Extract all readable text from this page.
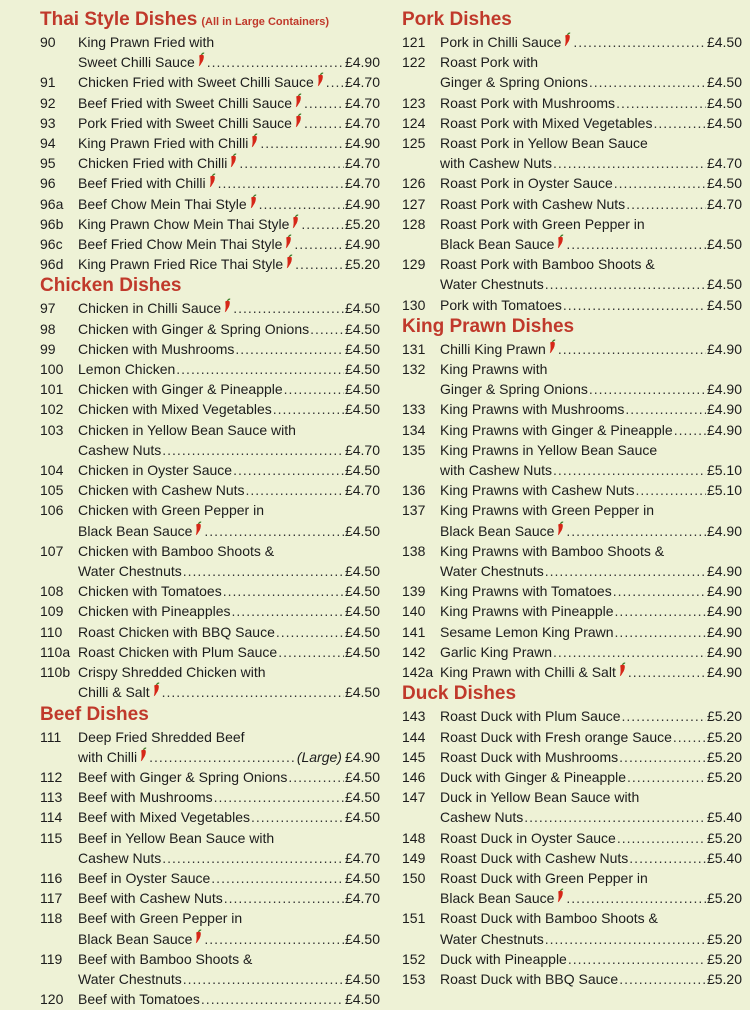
Thai Style Dishes (All in Large Containers)
90	King Prawn Fried with
Sweet Chilli Sauce .....	£4.90
91	Chicken Fried with Sweet Chilli Sauce ..... £4.70
92	Beef Fried with Sweet Chilli Sauce .....	£4.70
93	Pork Fried with Sweet Chilli Sauce .....	£4.70
94	King Prawn Fried with Chilli .....	£4.90
95	Chicken Fried with Chilli .....	£4.70
96	Beef Fried with Chilli .....	£4.70
96a	Beef Chow Mein Thai Style .....	£4.90
96b	King Prawn Chow Mein Thai Style .....	£5.20
96c	Beef Fried Chow Mein Thai Style .....	£4.90
96d	King Prawn Fried Rice Thai Style .....	£5.20
Chicken Dishes
97	Chicken in Chilli Sauce .....	£4.50
98	Chicken with Ginger & Spring Onions .....	£4.50
99	Chicken with Mushrooms .....	£4.50
100	Lemon Chicken .....	£4.50
101	Chicken with Ginger & Pineapple .....	£4.50
102	Chicken with Mixed Vegetables .....	£4.50
103	Chicken in Yellow Bean Sauce with
Cashew Nuts .....	£4.70
104	Chicken in Oyster Sauce .....	£4.50
105	Chicken with Cashew Nuts .....	£4.70
106	Chicken with Green Pepper in
Black Bean Sauce .....	£4.50
107	Chicken with Bamboo Shoots &
Water Chestnuts .....	£4.50
108	Chicken with Tomatoes .....	£4.50
109	Chicken with Pineapples .....	£4.50
110	Roast Chicken with BBQ Sauce .....	£4.50
110a Roast Chicken with Plum Sauce .....	£4.50
110b Crispy Shredded Chicken with
Chilli & Salt .....	£4.50
Beef Dishes
111	Deep Fried Shredded Beef
with Chilli .....	(Large) £4.90
112	Beef with Ginger & Spring Onions .....	£4.50
113	Beef with Mushrooms .....	£4.50
114	Beef with Mixed Vegetables .....	£4.50
115	Beef in Yellow Bean Sauce with
Cashew Nuts .....	£4.70
116	Beef in Oyster Sauce .....	£4.50
117	Beef with Cashew Nuts .....	£4.70
118	Beef with Green Pepper in
Black Bean Sauce .....	£4.50
119	Beef with Bamboo Shoots &
Water Chestnuts .....	£4.50
120	Beef with Tomatoes .....	£4.50
Pork Dishes
121	Pork in Chilli Sauce .....	£4.50
122	Roast Pork with
Ginger & Spring Onions .....	£4.50
123	Roast Pork with Mushrooms .....	£4.50
124	Roast Pork with Mixed Vegetables .....	£4.50
125	Roast Pork in Yellow Bean Sauce
with Cashew Nuts .....	£4.70
126	Roast Pork in Oyster Sauce .....	£4.50
127	Roast Pork with Cashew Nuts .....	£4.70
128	Roast Pork with Green Pepper in
Black Bean Sauce .....	£4.50
129	Roast Pork with Bamboo Shoots &
Water Chestnuts .....	£4.50
130	Pork with Tomatoes .....	£4.50
King Prawn Dishes
131	Chilli King Prawn .....	£4.90
132	King Prawns with
Ginger & Spring Onions .....	£4.90
133	King Prawns with Mushrooms .....	£4.90
134	King Prawns with Ginger & Pineapple ..... £4.90
135	King Prawns in Yellow Bean Sauce
with Cashew Nuts .....	£5.10
136	King Prawns with Cashew Nuts .....	£5.10
137	King Prawns with Green Pepper in
Black Bean Sauce .....	£4.90
138	King Prawns with Bamboo Shoots &
Water Chestnuts .....	£4.90
139	King Prawns with Tomatoes .....	£4.90
140	King Prawns with Pineapple .....	£4.90
141	Sesame Lemon King Prawn .....	£4.90
142	Garlic King Prawn .....	£4.90
142a King Prawn with Chilli & Salt .....	£4.90
Duck Dishes
143	Roast Duck with Plum Sauce .....	£5.20
144	Roast Duck with Fresh orange Sauce .....	£5.20
145	Roast Duck with Mushrooms .....	£5.20
146	Duck with Ginger & Pineapple .....	£5.20
147	Duck in Yellow Bean Sauce with
Cashew Nuts .....	£5.40
148	Roast Duck in Oyster Sauce .....	£5.20
149	Roast Duck with Cashew Nuts .....	£5.40
150	Roast Duck with Green Pepper in
Black Bean Sauce .....	£5.20
151	Roast Duck with Bamboo Shoots &
Water Chestnuts .....	£5.20
152	Duck with Pineapple .....	£5.20
153	Roast Duck with BBQ Sauce .....	£5.20
